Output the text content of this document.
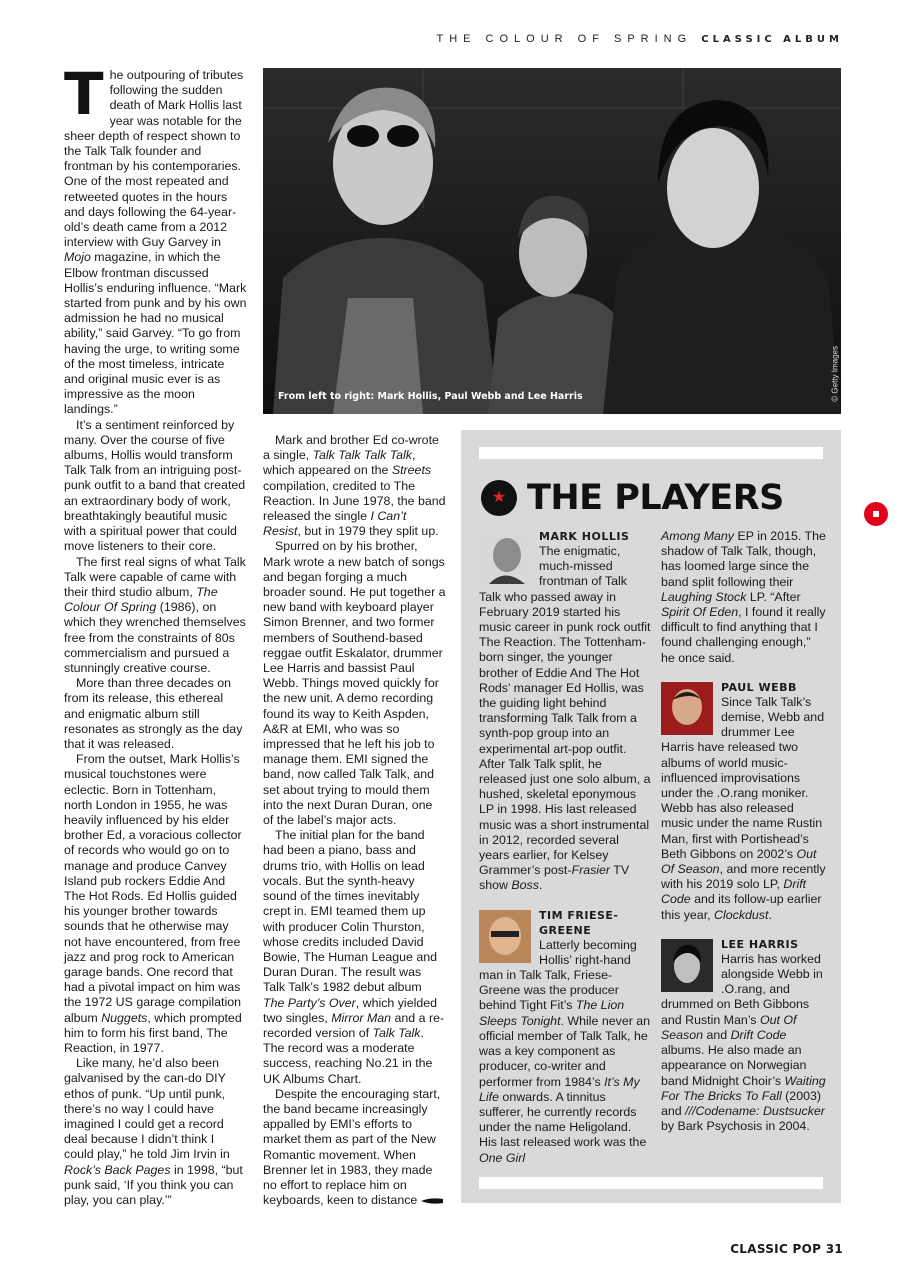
THE COLOUR OF SPRING CLASSIC ALBUM
T he outpouring of tributes following the sudden death of Mark Hollis last year was notable for the sheer depth of respect shown to the Talk Talk founder and frontman by his contemporaries. One of the most repeated and retweeted quotes in the hours and days following the 64-year-old’s death came from a 2012 interview with Guy Garvey in Mojo magazine, in which the Elbow frontman discussed Hollis’s enduring influence. “Mark started from punk and by his own admission he had no musical ability,” said Garvey. “To go from having the urge, to writing some of the most timeless, intricate and original music ever is as impressive as the moon landings.”

It’s a sentiment reinforced by many. Over the course of five albums, Hollis would transform Talk Talk from an intriguing post-punk outfit to a band that created an extraordinary body of work, breathtakingly beautiful music with a spiritual power that could move listeners to their core.

The first real signs of what Talk Talk were capable of came with their third studio album, The Colour Of Spring (1986), on which they wrenched themselves free from the constraints of 80s commercialism and pursued a stunningly creative course.

More than three decades on from its release, this ethereal and enigmatic album still resonates as strongly as the day that it was released.

From the outset, Mark Hollis’s musical touchstones were eclectic. Born in Tottenham, north London in 1955, he was heavily influenced by his elder brother Ed, a voracious collector of records who would go on to manage and produce Canvey Island pub rockers Eddie And The Hot Rods. Ed Hollis guided his younger brother towards sounds that he otherwise may not have encountered, from free jazz and prog rock to American garage bands. One record that had a pivotal impact on him was the 1972 US garage compilation album Nuggets, which prompted him to form his first band, The Reaction, in 1977.

Like many, he’d also been galvanised by the can-do DIY ethos of punk. “Up until punk, there’s no way I could have imagined I could get a record deal because I didn’t think I could play,” he told Jim Irvin in Rock’s Back Pages in 1998, “but punk said, ‘If you think you can play, you can play.’”

From left to right: Mark Hollis, Paul Webb and Lee Harris	© Getty Images

Mark and brother Ed co-wrote a single, Talk Talk Talk Talk, which appeared on the Streets compilation, credited to The Reaction. In June 1978, the band released the single I Can’t Resist, but in 1979 they split up.

Spurred on by his brother, Mark wrote a new batch of songs and began forging a much broader sound. He put together a new band with keyboard player Simon Brenner, and two former members of Southend-based reggae outfit Eskalator, drummer Lee Harris and bassist Paul Webb. Things moved quickly for the new unit. A demo recording found its way to Keith Aspden, A&R at EMI, who was so impressed that he left his job to manage them. EMI signed the band, now called Talk Talk, and set about trying to mould them into the next Duran Duran, one of the label’s major acts.

The initial plan for the band had been a piano, bass and drums trio, with Hollis on lead vocals. But the synth-heavy sound of the times inevitably crept in. EMI teamed them up with producer Colin Thurston, whose credits included David Bowie, The Human League and Duran Duran. The result was Talk Talk’s 1982 debut album The Party’s Over, which yielded two singles, Mirror Man and a re-recorded version of Talk Talk. The record was a moderate success, reaching No.21 in the UK Albums Chart.

Despite the encouraging start, the band became increasingly appalled by EMI’s efforts to market them as part of the New Romantic movement. When Brenner let in 1983, they made no effort to replace him on keyboards, keen to distance

★ THE PLAYERS
MARK HOLLIS
The enigmatic, much-missed frontman of Talk Talk who passed away in February 2019 started his music career in punk rock outfit The Reaction. The Tottenham-born singer, the younger brother of Eddie And The Hot Rods’ manager Ed Hollis, was the guiding light behind transforming Talk Talk from a synth-pop group into an experimental art-pop outfit. After Talk Talk split, he released just one solo album, a hushed, skeletal eponymous LP in 1998. His last released music was a short instrumental in 2012, recorded several years earlier, for Kelsey Grammer’s post-Frasier TV show Boss.
TIM FRIESE-GREENE
Latterly becoming Hollis’ right-hand man in Talk Talk, Friese-Greene was the producer behind Tight Fit’s The Lion Sleeps Tonight. While never an official member of Talk Talk, he was a key component as producer, co-writer and performer from 1984’s It’s My Life onwards. A tinnitus sufferer, he currently records under the name Heligoland. His last released work was the One Girl
Among Many EP in 2015. The shadow of Talk Talk, though, has loomed large since the band split following their Laughing Stock LP. “After Spirit Of Eden, I found it really difficult to find anything that I found challenging enough,” he once said.
PAUL WEBB
Since Talk Talk’s demise, Webb and drummer Lee Harris have released two albums of world music-influenced improvisations under the .O.rang moniker. Webb has also released music under the name Rustin Man, first with Portishead’s Beth Gibbons on 2002’s Out Of Season, and more recently with his 2019 solo LP, Drift Code and its follow-up earlier this year, Clockdust.
LEE HARRIS
Harris has worked alongside Webb in .O.rang, and drummed on Beth Gibbons and Rustin Man’s Out Of Season and Drift Code albums. He also made an appearance on Norwegian band Midnight Choir’s Waiting For The Bricks To Fall (2003) and ///Codename: Dustsucker by Bark Psychosis in 2004.
CLASSIC POP 31
